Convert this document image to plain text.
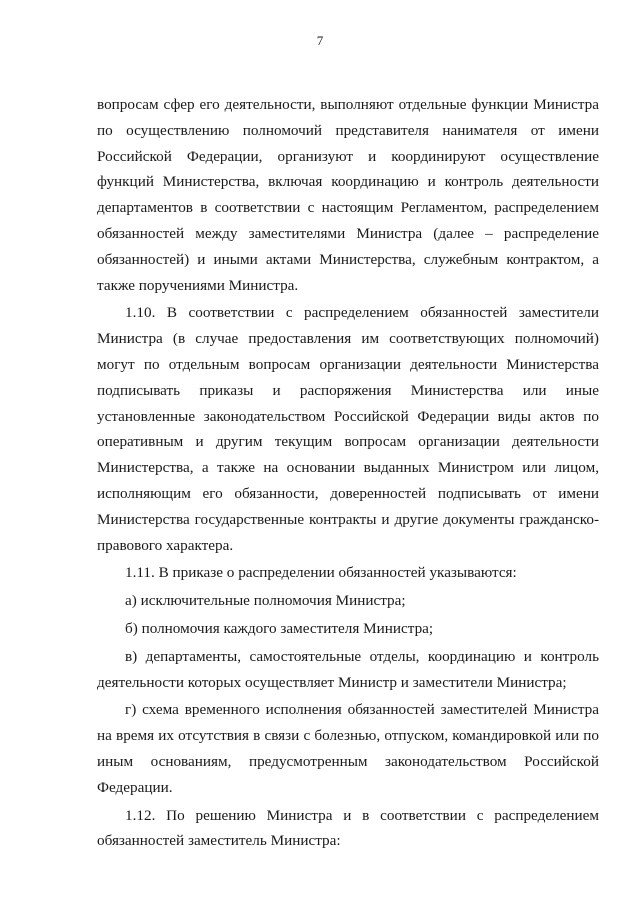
7

вопросам сфер его деятельности, выполняют отдельные функции Министра по осуществлению полномочий представителя нанимателя от имени Российской Федерации, организуют и координируют осуществление функций Министерства, включая координацию и контроль деятельности департаментов в соответствии с настоящим Регламентом, распределением обязанностей между заместителями Министра (далее – распределение обязанностей) и иными актами Министерства, служебным контрактом, а также поручениями Министра.

1.10. В соответствии с распределением обязанностей заместители Министра (в случае предоставления им соответствующих полномочий) могут по отдельным вопросам организации деятельности Министерства подписывать приказы и распоряжения Министерства или иные установленные законодательством Российской Федерации виды актов по оперативным и другим текущим вопросам организации деятельности Министерства, а также на основании выданных Министром или лицом, исполняющим его обязанности, доверенностей подписывать от имени Министерства государственные контракты и другие документы гражданско-правового характера.

1.11. В приказе о распределении обязанностей указываются:

а) исключительные полномочия Министра;

б) полномочия каждого заместителя Министра;

в) департаменты, самостоятельные отделы, координацию и контроль деятельности которых осуществляет Министр и заместители Министра;

г) схема временного исполнения обязанностей заместителей Министра на время их отсутствия в связи с болезнью, отпуском, командировкой или по иным основаниям, предусмотренным законодательством Российской Федерации.

1.12. По решению Министра и в соответствии с распределением обязанностей заместитель Министра:
